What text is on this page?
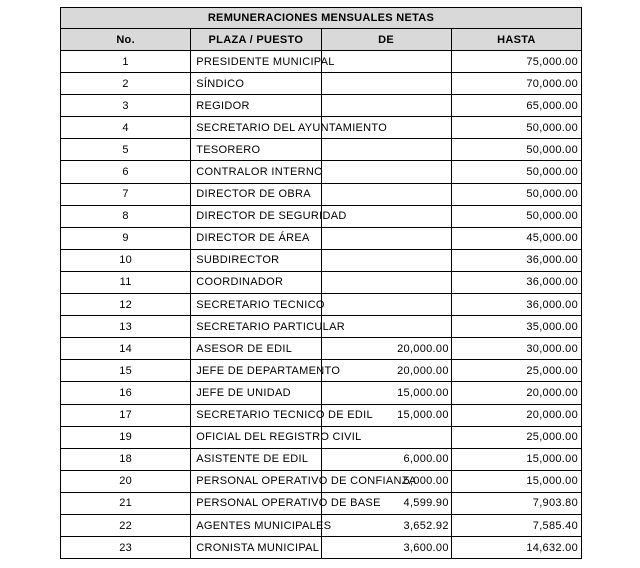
REMUNERACIONES MENSUALES NETAS			
No.	PLAZA / PUESTO	DE	HASTA
1	PRESIDENTE MUNICIPAL		75,000.00
2	SÍNDICO		70,000.00
3	REGIDOR		65,000.00
4	SECRETARIO DEL AYUNTAMIENTO		50,000.00
5	TESORERO		50,000.00
6	CONTRALOR INTERNO		50,000.00
7	DIRECTOR DE OBRA		50,000.00
8	DIRECTOR DE SEGURIDAD		50,000.00
9	DIRECTOR DE ÁREA		45,000.00
10	SUBDIRECTOR		36,000.00
11	COORDINADOR		36,000.00
12	SECRETARIO TECNICO		36,000.00
13	SECRETARIO PARTICULAR		35,000.00
14	ASESOR DE EDIL	20,000.00	30,000.00
15	JEFE DE DEPARTAMENTO	20,000.00	25,000.00
16	JEFE DE UNIDAD	15,000.00	20,000.00
17	SECRETARIO TECNICO DE EDIL	15,000.00	20,000.00
19	OFICIAL DEL REGISTRO CIVIL		25,000.00
18	ASISTENTE DE EDIL	6,000.00	15,000.00
20	PERSONAL OPERATIVO DE CONFIANZA	5,000.00	15,000.00
21	PERSONAL OPERATIVO DE BASE	4,599.90	7,903.80
22	AGENTES MUNICIPALES	3,652.92	7,585.40
23	CRONISTA MUNICIPAL	3,600.00	14,632.00
